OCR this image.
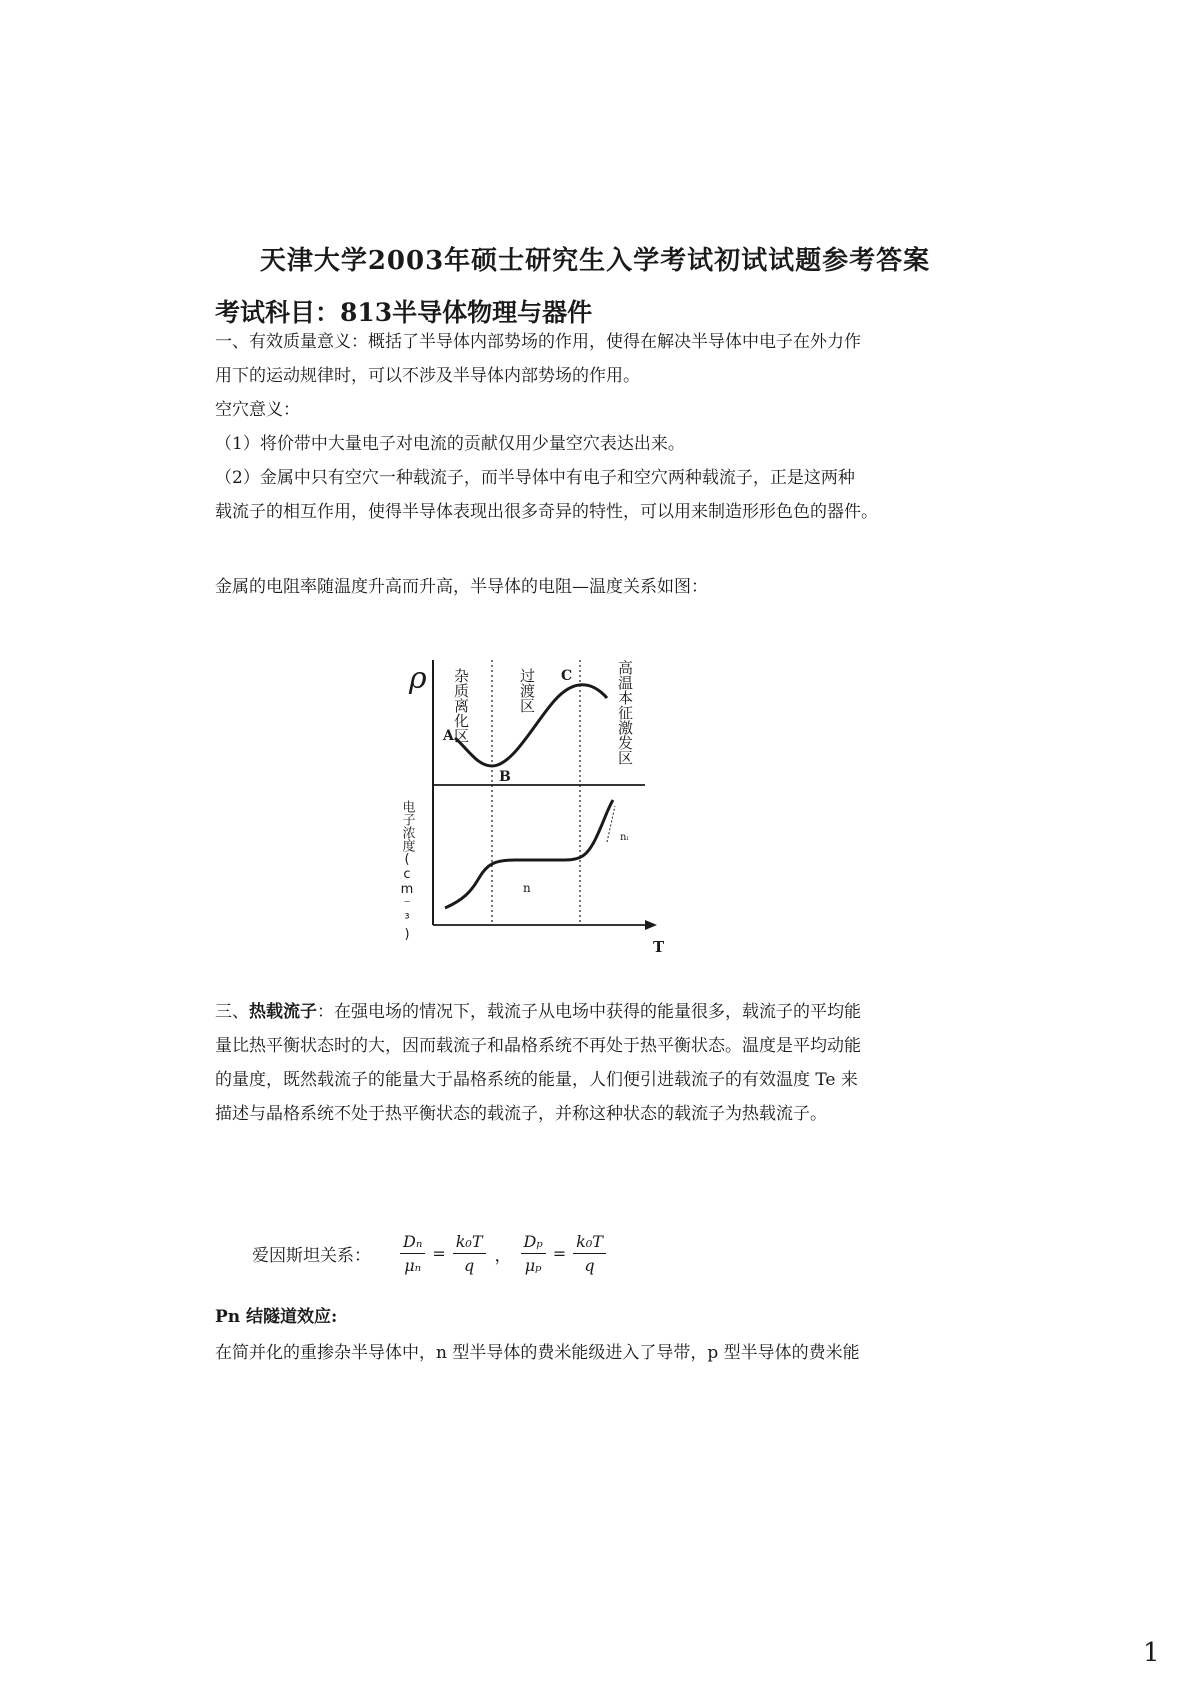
天津大学2003年硕士研究生入学考试初试试题参考答案
考试科目：813半导体物理与器件

一、有效质量意义：概括了半导体内部势场的作用，使得在解决半导体中电子在外力作
用下的运动规律时，可以不涉及半导体内部势场的作用。

空穴意义：
（1）将价带中大量电子对电流的贡献仅用少量空穴表达出来。
（2）金属中只有空穴一种载流子，而半导体中有电子和空穴两种载流子，正是这两种
载流子的相互作用，使得半导体表现出很多奇异的特性，可以用来制造形形色色的器件。

金属的电阻率随温度升高而升高，半导体的电阻—温度关系如图：

ρ
T
A
B
C
n
nᵢ
杂质离化区	过渡区	高温本征激发区
电子浓度(cm⁻³)

三、热载流子：在强电场的情况下，载流子从电场中获得的能量很多，载流子的平均能
量比热平衡状态时的大，因而载流子和晶格系统不再处于热平衡状态。温度是平均动能
的量度，既然载流子的能量大于晶格系统的能量，人们便引进载流子的有效温度 Te 来
描述与晶格系统不处于热平衡状态的载流子，并称这种状态的载流子为热载流子。

爱因斯坦关系： $\frac{\text{Dₙ}}{\text{μₙ}} = \frac{\text{k₀T}}{q}$ ， $\frac{\text{Dₚ}}{\text{μₚ}} = \frac{\text{k₀T}}{q}$
Pn 结隧道效应:

在简并化的重掺杂半导体中，n 型半导体的费米能级进入了导带，p 型半导体的费米能

1
